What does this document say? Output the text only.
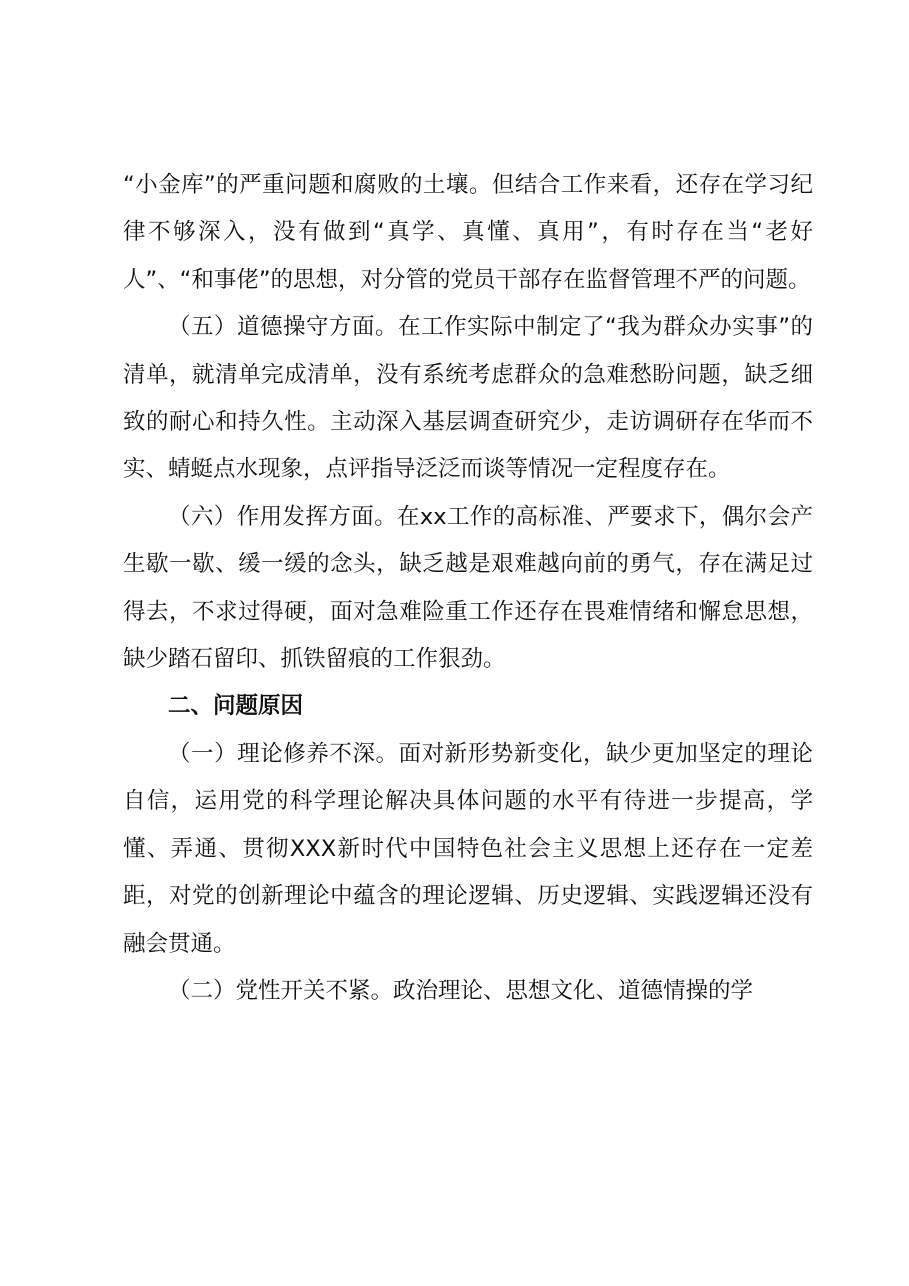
“小金库”的严重问题和腐败的土壤。但结合工作来看，还存在学习纪律不够深入，没有做到“真学、真懂、真用”，有时存在当“老好人”、“和事佬”的思想，对分管的党员干部存在监督管理不严的问题。

（五）道德操守方面。在工作实际中制定了“我为群众办实事”的清单，就清单完成清单，没有系统考虑群众的急难愁盼问题，缺乏细致的耐心和持久性。主动深入基层调查研究少，走访调研存在华而不实、蜻蜓点水现象，点评指导泛泛而谈等情况一定程度存在。

（六）作用发挥方面。在xx工作的高标准、严要求下，偶尔会产生歇一歇、缓一缓的念头，缺乏越是艰难越向前的勇气，存在满足过得去，不求过得硬，面对急难险重工作还存在畏难情绪和懈怠思想，缺少踏石留印、抓铁留痕的工作狠劲。

二、问题原因

（一）理论修养不深。面对新形势新变化，缺少更加坚定的理论自信，运用党的科学理论解决具体问题的水平有待进一步提高，学懂、弄通、贯彻XXX新时代中国特色社会主义思想上还存在一定差距，对党的创新理论中蕴含的理论逻辑、历史逻辑、实践逻辑还没有融会贯通。

（二）党性开关不紧。政治理论、思想文化、道德情操的学
